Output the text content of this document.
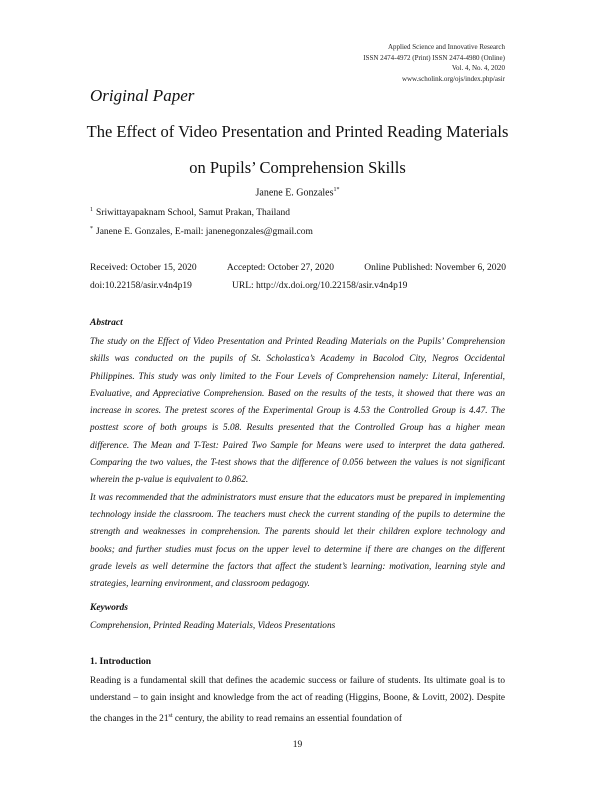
Applied Science and Innovative Research
ISSN 2474-4972 (Print) ISSN 2474-4980 (Online)
Vol. 4, No. 4, 2020
www.scholink.org/ojs/index.php/asir
Original Paper
The Effect of Video Presentation and Printed Reading Materials
on Pupils’ Comprehension Skills
Janene E. Gonzales$^{1*}$
$^1$ Sriwittayapaknam School, Samut Prakan, Thailand
* Janene E. Gonzales, E-mail: janenegonzales@gmail.com
Received: October 15, 2020	Accepted: October 27, 2020	Online Published: November 6, 2020
doi:10.22158/asir.v4n4p19	URL: http://dx.doi.org/10.22158/asir.v4n4p19
Abstract

The study on the Effect of Video Presentation and Printed Reading Materials on the Pupils’ Comprehension skills was conducted on the pupils of St. Scholastica’s Academy in Bacolod City, Negros Occidental Philippines. This study was only limited to the Four Levels of Comprehension namely: Literal, Inferential, Evaluative, and Appreciative Comprehension. Based on the results of the tests, it showed that there was an increase in scores. The pretest scores of the Experimental Group is 4.53 the Controlled Group is 4.47. The posttest score of both groups is 5.08. Results presented that the Controlled Group has a higher mean difference. The Mean and T-Test: Paired Two Sample for Means were used to interpret the data gathered. Comparing the two values, the T-test shows that the difference of 0.056 between the values is not significant wherein the p-value is equivalent to 0.862.

It was recommended that the administrators must ensure that the educators must be prepared in implementing technology inside the classroom. The teachers must check the current standing of the pupils to determine the strength and weaknesses in comprehension. The parents should let their children explore technology and books; and further studies must focus on the upper level to determine if there are changes on the different grade levels as well determine the factors that affect the student’s learning: motivation, learning style and strategies, learning environment, and classroom pedagogy.

Keywords
Comprehension, Printed Reading Materials, Videos Presentations
1. Introduction
Reading is a fundamental skill that defines the academic success or failure of students. Its ultimate goal is to understand – to gain insight and knowledge from the act of reading (Higgins, Boone, & Lovitt, 2002). Despite the changes in the 21st century, the ability to read remains an essential foundation of
19
